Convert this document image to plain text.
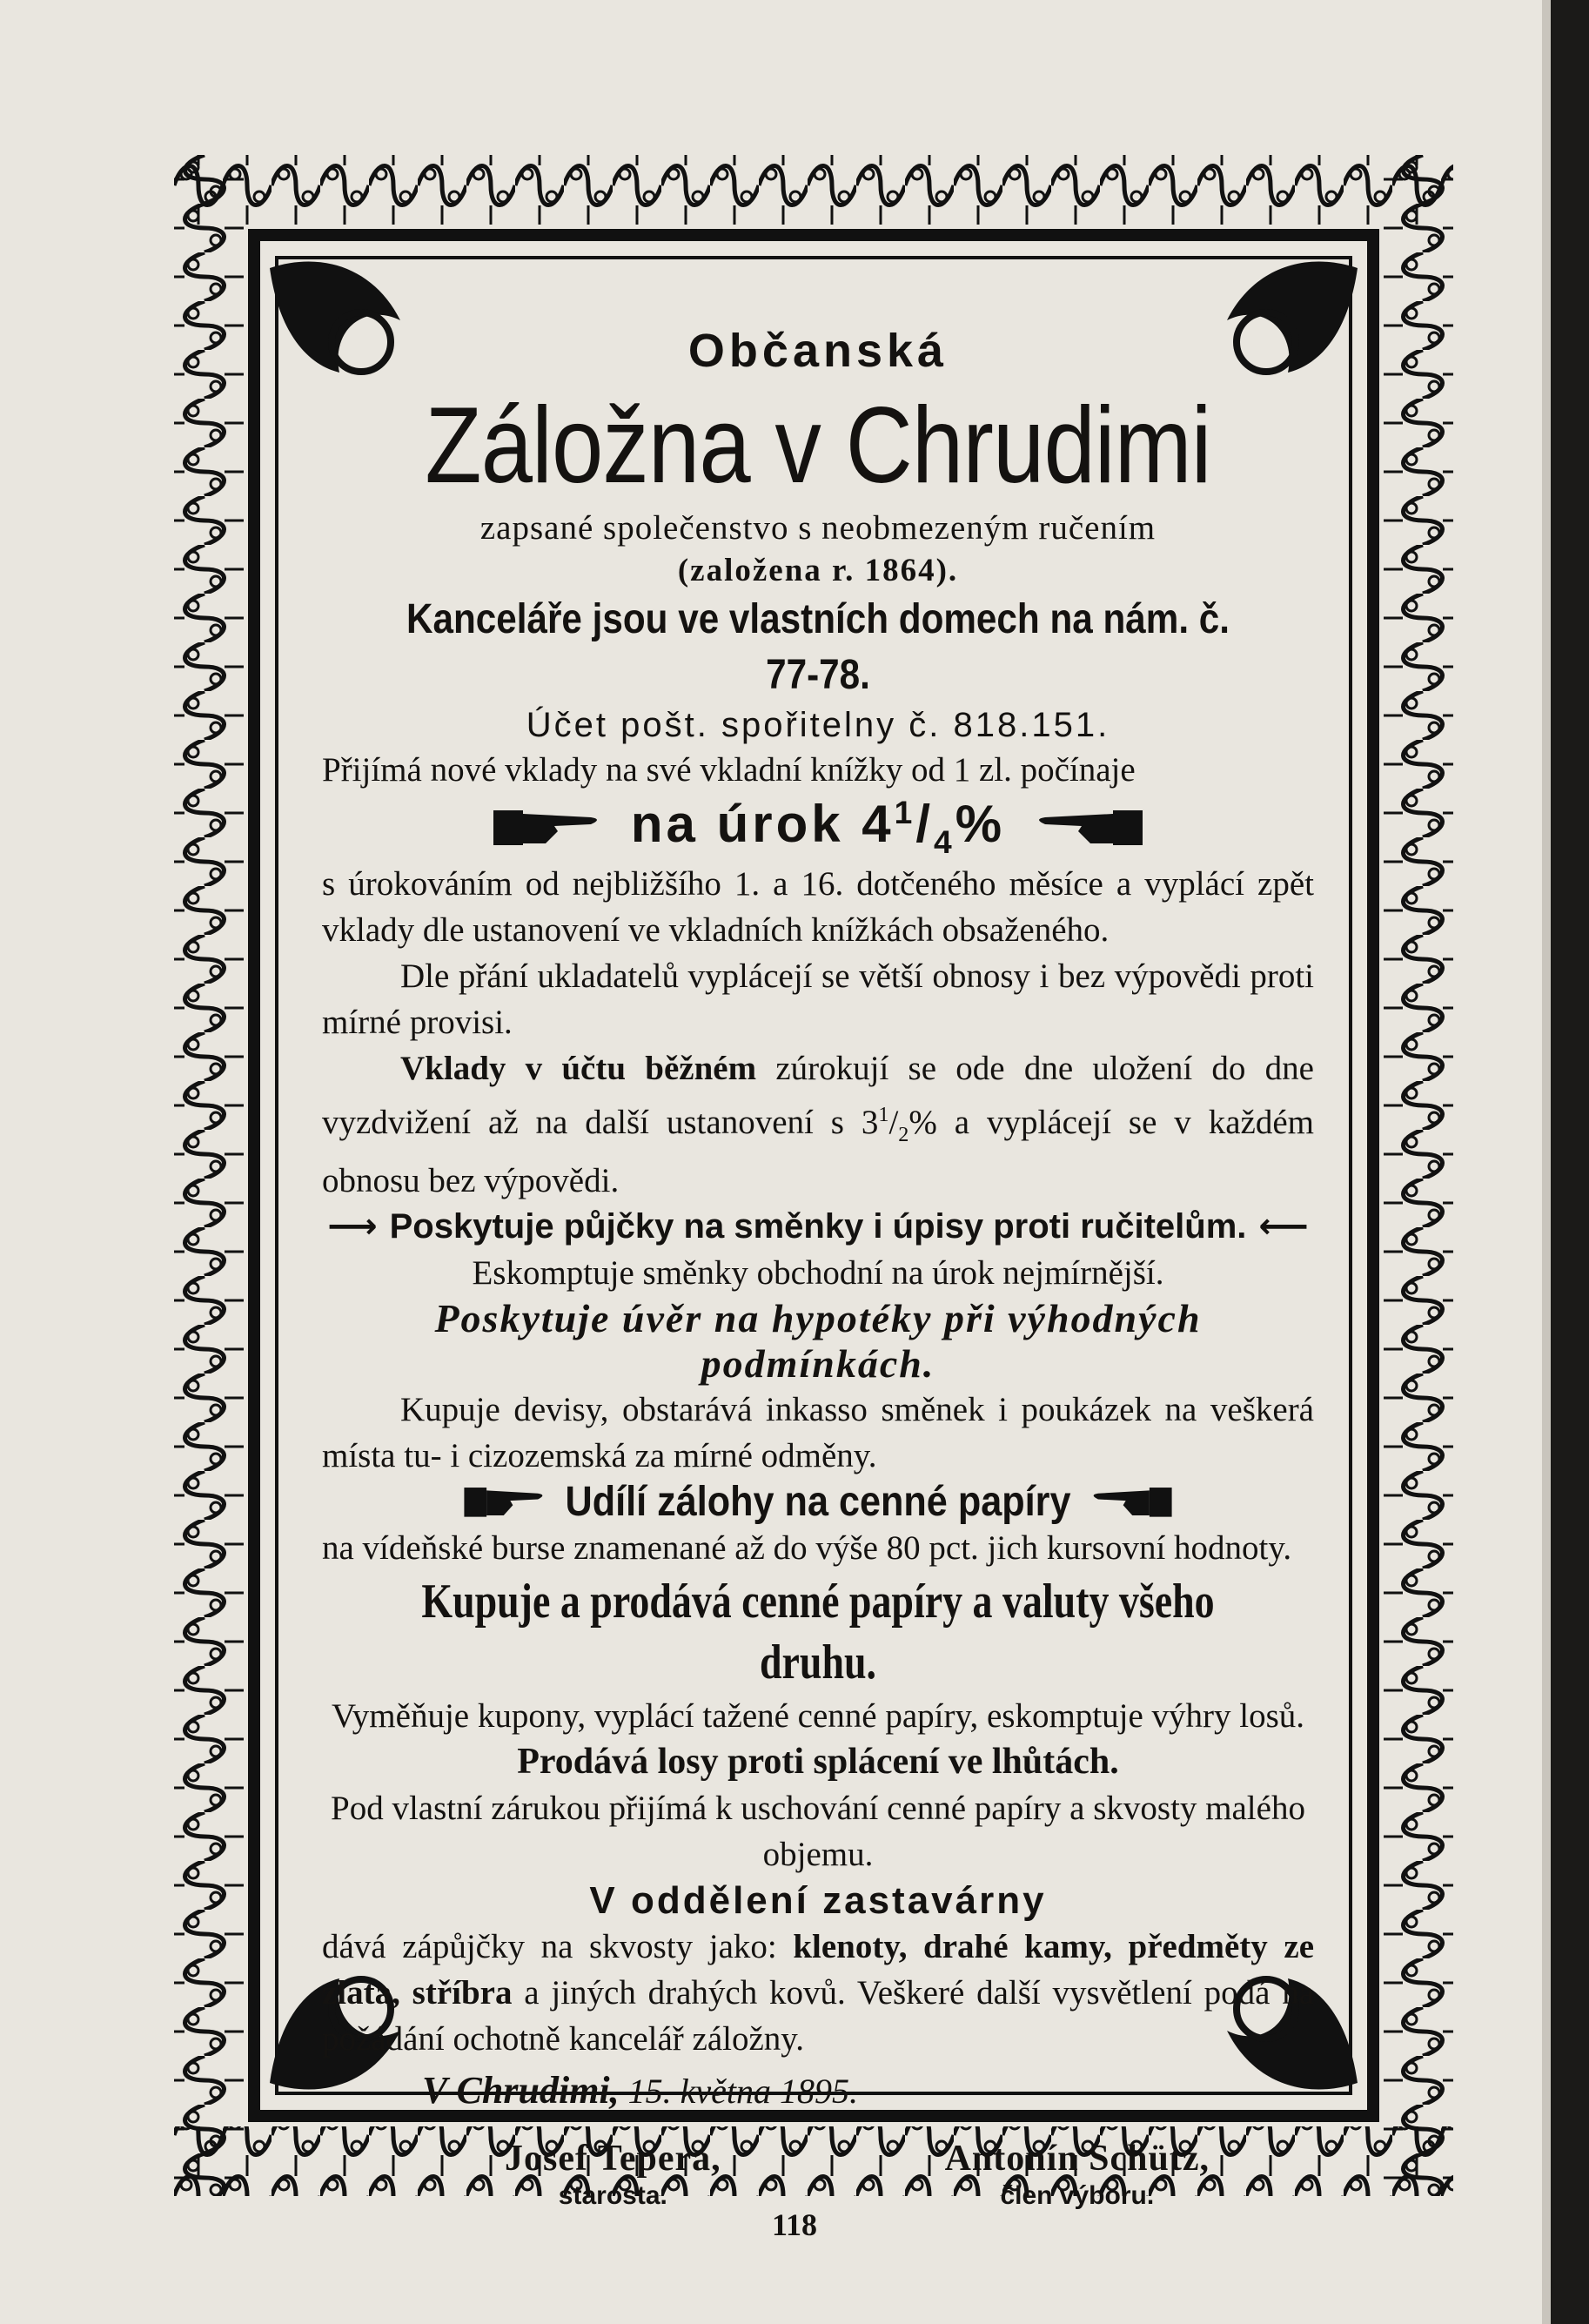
Občanská

Záložna v Chrudimi

zapsané společenstvo s neobmezeným ručením

(založena r. 1864).

Kanceláře jsou ve vlastních domech na nám. č. 77-78.

Účet pošt. spořitelny č. 818.151.

Přijímá nové vklady na své vkladní knížky od 1 zl. počínaje

na úrok $4^1/_4\%$

s úrokováním od nejbližšího 1. a 16. dotčeného měsíce a vyplácí zpět vklady dle ustanovení ve vkladních knížkách obsaženého.

Dle přání ukladatelů vyplácejí se větší obnosy i bez výpovědi proti mírné provisi.

Vklady v účtu běžném zúrokují se ode dne uložení do dne vyzdvižení až na další ustanovení s $3^1/_2\%$ a vyplácejí se v každém obnosu bez výpovědi.

⟶ Poskytuje půjčky na směnky i úpisy proti ručitelům. ⟵

Eskomptuje směnky obchodní na úrok nejmírnější.

Poskytuje úvěr na hypotéky při výhodných podmínkách.

Kupuje devisy, obstarává inkasso směnek i poukázek na veškerá místa tu- i cizozemská za mírné odměny.

Udílí zálohy na cenné papíry

na vídeňské burse znamenané až do výše 80 pct. jich kursovní hodnoty.

Kupuje a prodává cenné papíry a valuty všeho druhu.

Vyměňuje kupony, vyplácí tažené cenné papíry, eskomptuje výhry losů.

Prodává losy proti splácení ve lhůtách.

Pod vlastní zárukou přijímá k uschování cenné papíry a skvosty malého objemu.

V oddělení zastavárny

dává zápůjčky na skvosty jako: klenoty, drahé kamy, předměty ze zlata, stříbra a jiných drahých kovů. Veškeré další vysvětlení podá na požádání ochotně kancelář záložny.

V Chrudimi, 15. května 1895.

Josef Tepera,
starosta.
Antonín Schütz,
člen výboru.
118
